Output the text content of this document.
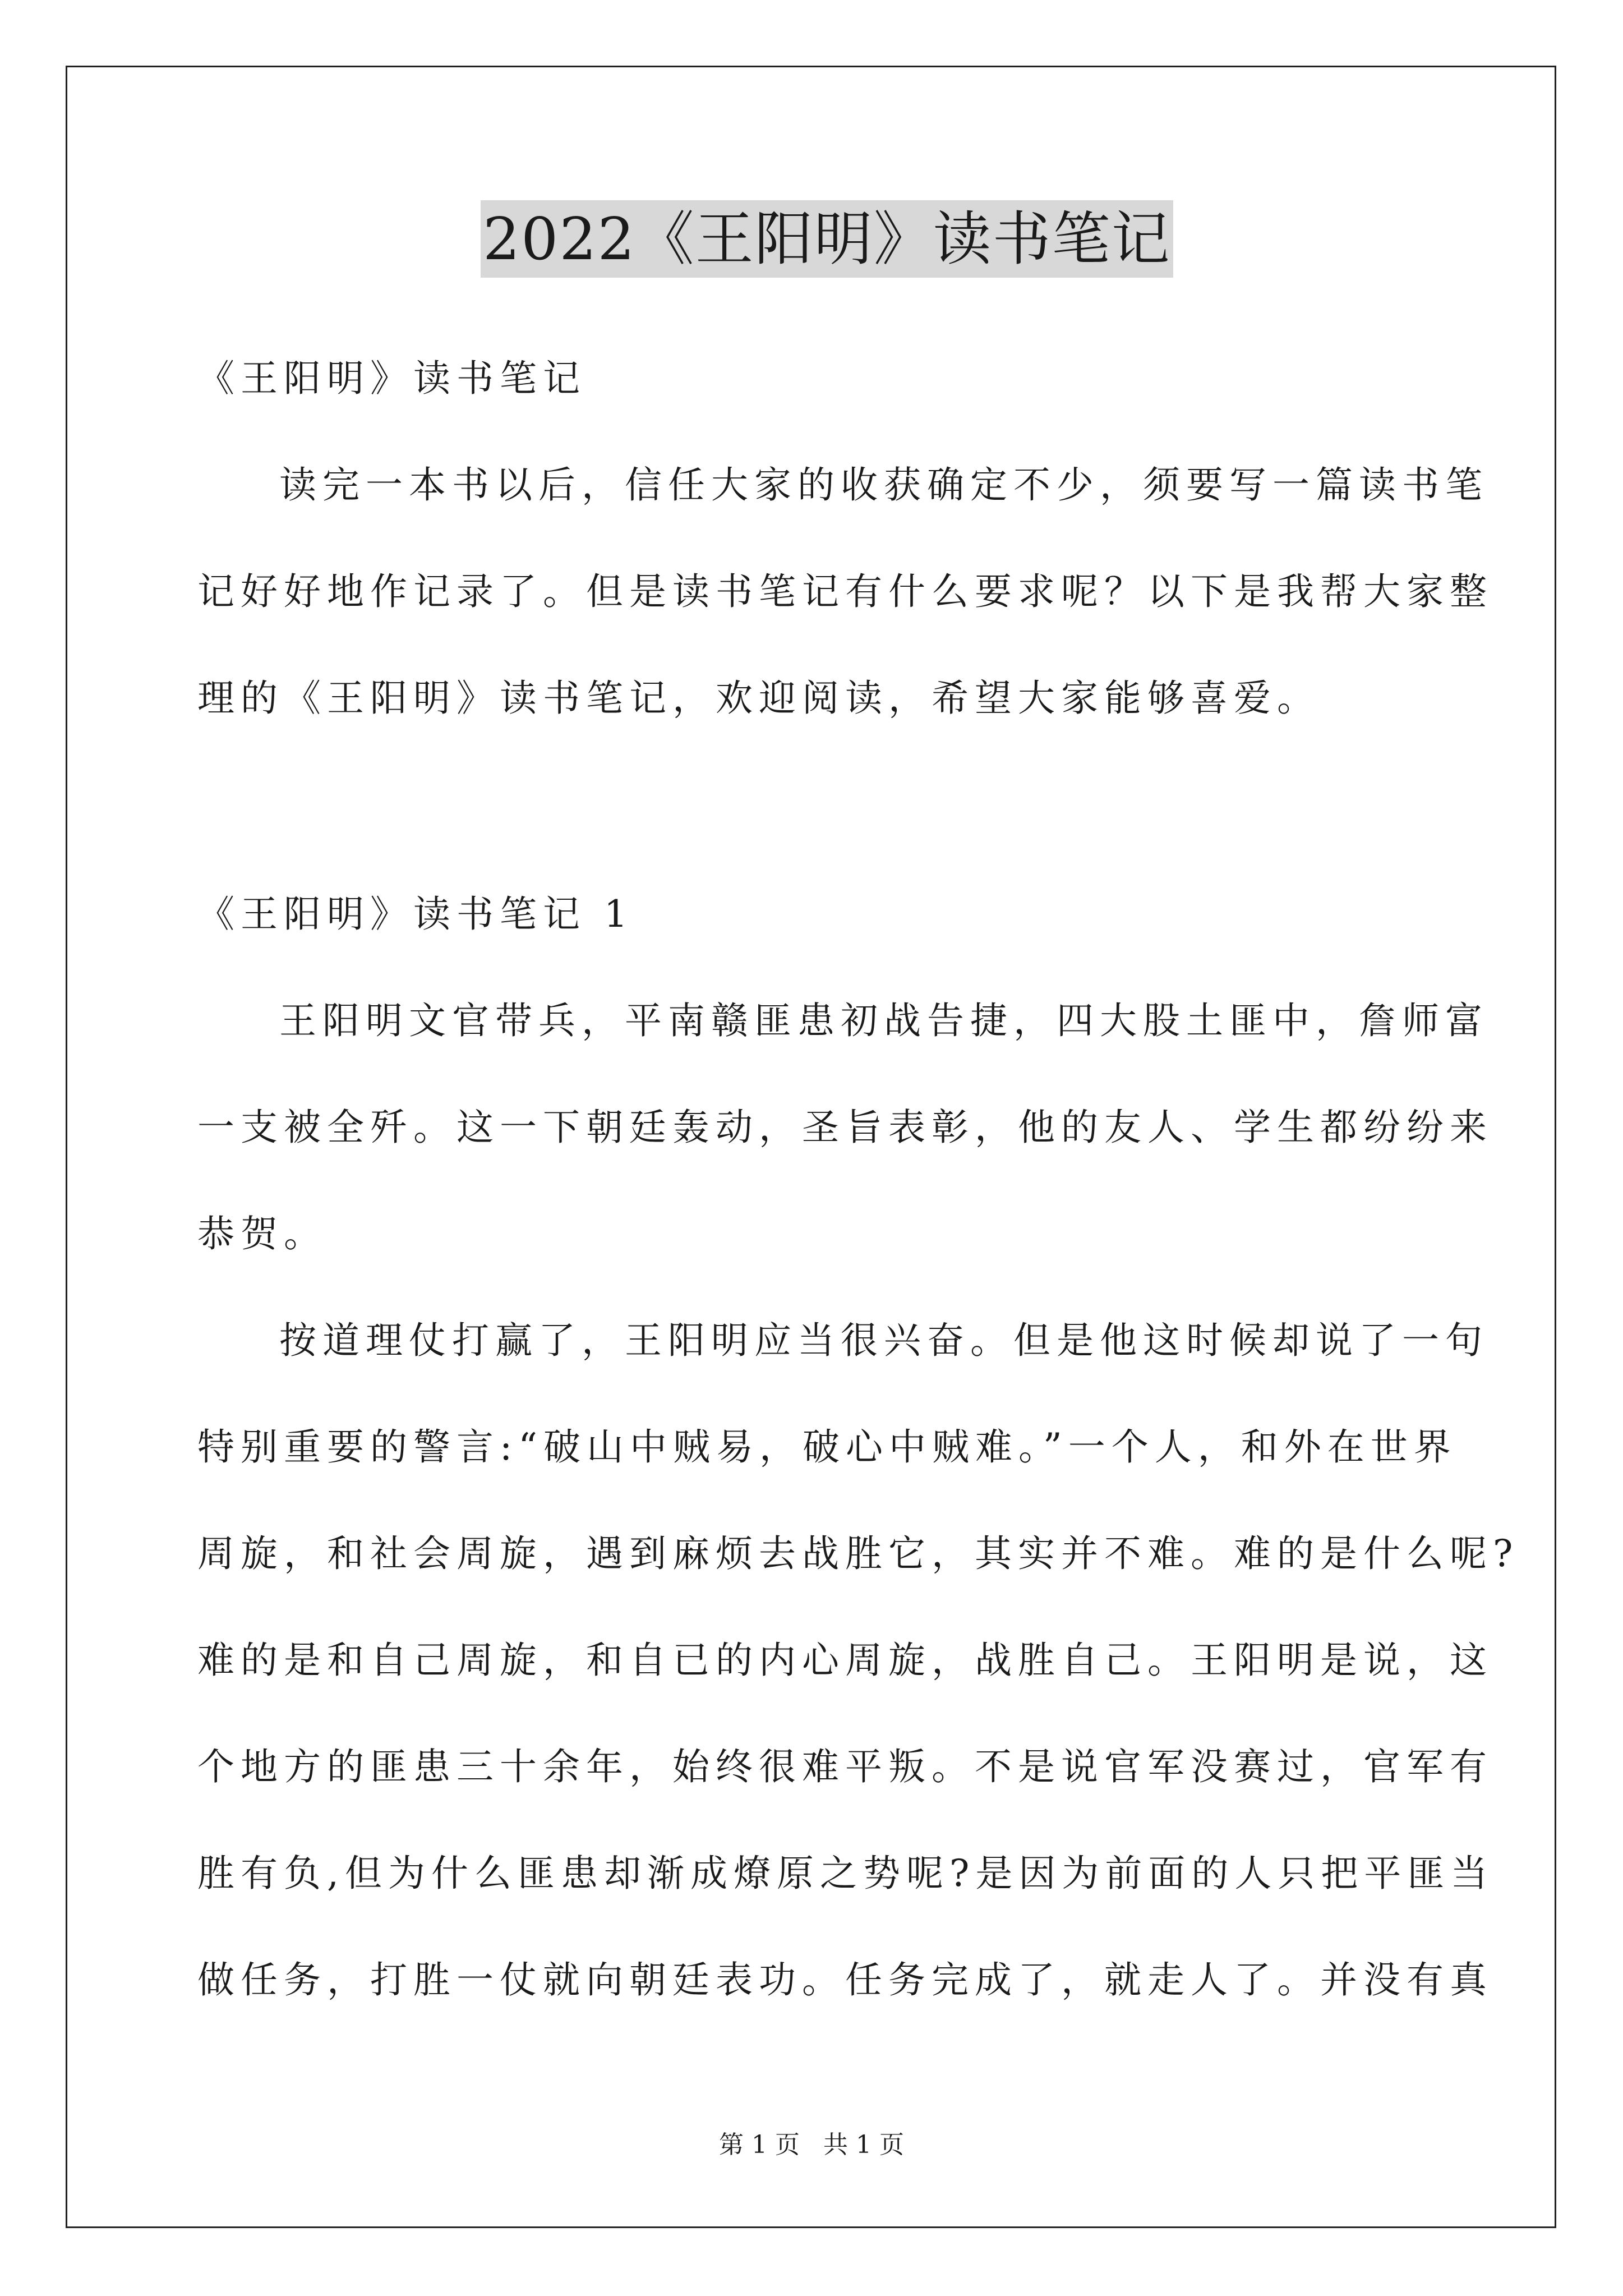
2022《王阳明》读书笔记
《王阳明》读书笔记
读完一本书以后，信任大家的收获确定不少，须要写一篇读书笔
记好好地作记录了。但是读书笔记有什么要求呢？以下是我帮大家整
理的《王阳明》读书笔记，欢迎阅读，希望大家能够喜爱。
《王阳明》读书笔记 1
王阳明文官带兵，平南赣匪患初战告捷，四大股土匪中，詹师富
一支被全歼。这一下朝廷轰动，圣旨表彰，他的友人、学生都纷纷来
恭贺。
按道理仗打赢了，王阳明应当很兴奋。但是他这时候却说了一句
特别重要的警言:“破山中贼易，破心中贼难。”一个人，和外在世界
周旋，和社会周旋，遇到麻烦去战胜它，其实并不难。难的是什么呢?
难的是和自己周旋，和自已的内心周旋，战胜自己。王阳明是说，这
个地方的匪患三十余年，始终很难平叛。不是说官军没赛过，官军有
胜有负,但为什么匪患却渐成燎原之势呢?是因为前面的人只把平匪当
做任务，打胜一仗就向朝廷表功。任务完成了，就走人了。并没有真
第 1 页   共 1 页
